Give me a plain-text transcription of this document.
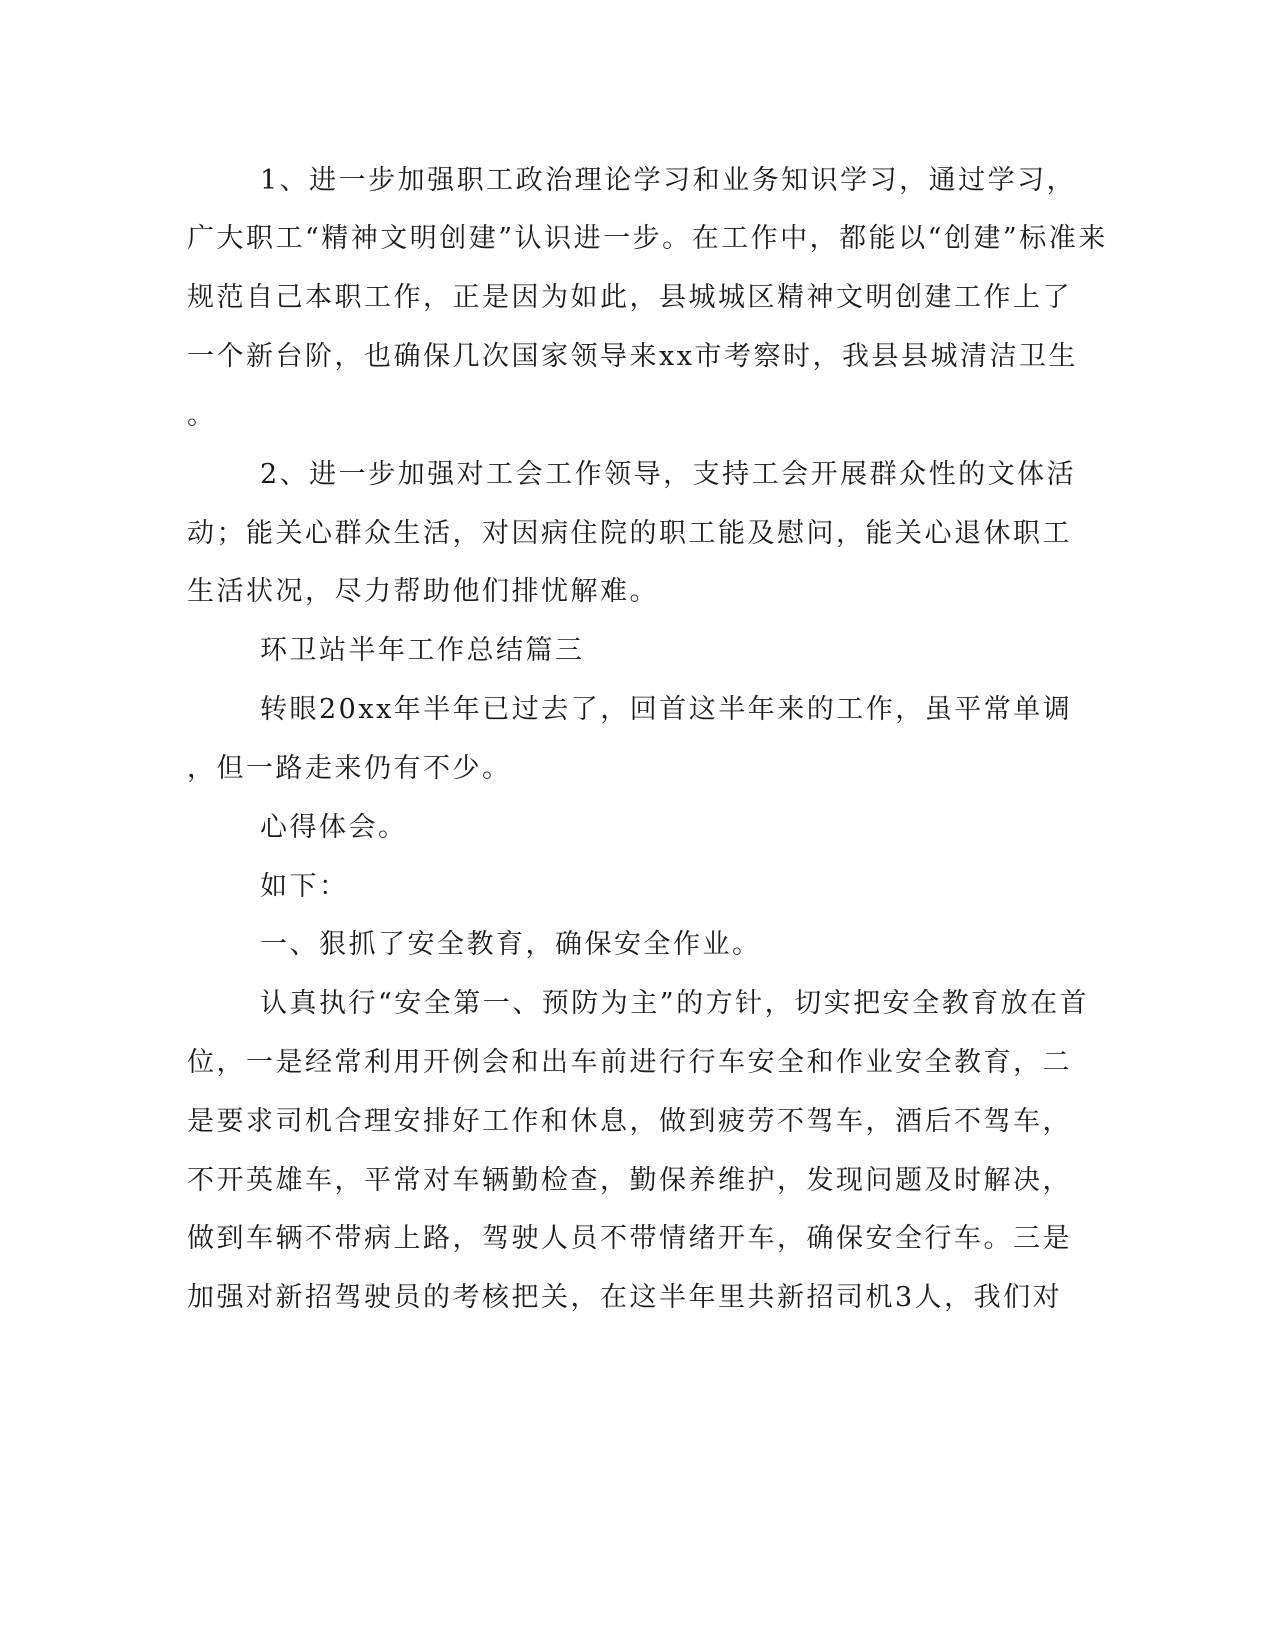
1、进一步加强职工政治理论学习和业务知识学习，通过学习，
广大职工“精神文明创建”认识进一步。在工作中，都能以“创建”标准来
规范自己本职工作，正是因为如此，县城城区精神文明创建工作上了
一个新台阶，也确保几次国家领导来xx市考察时，我县县城清洁卫生
。
2、进一步加强对工会工作领导，支持工会开展群众性的文体活
动；能关心群众生活，对因病住院的职工能及慰问，能关心退休职工
生活状况，尽力帮助他们排忧解难。
环卫站半年工作总结篇三
转眼20xx年半年已过去了，回首这半年来的工作，虽平常单调
，但一路走来仍有不少。
心得体会。
如下：
一、狠抓了安全教育，确保安全作业。
认真执行“安全第一、预防为主”的方针，切实把安全教育放在首
位，一是经常利用开例会和出车前进行行车安全和作业安全教育，二
是要求司机合理安排好工作和休息，做到疲劳不驾车，酒后不驾车，
不开英雄车，平常对车辆勤检查，勤保养维护，发现问题及时解决，
做到车辆不带病上路，驾驶人员不带情绪开车，确保安全行车。三是
加强对新招驾驶员的考核把关，在这半年里共新招司机3人，我们对
